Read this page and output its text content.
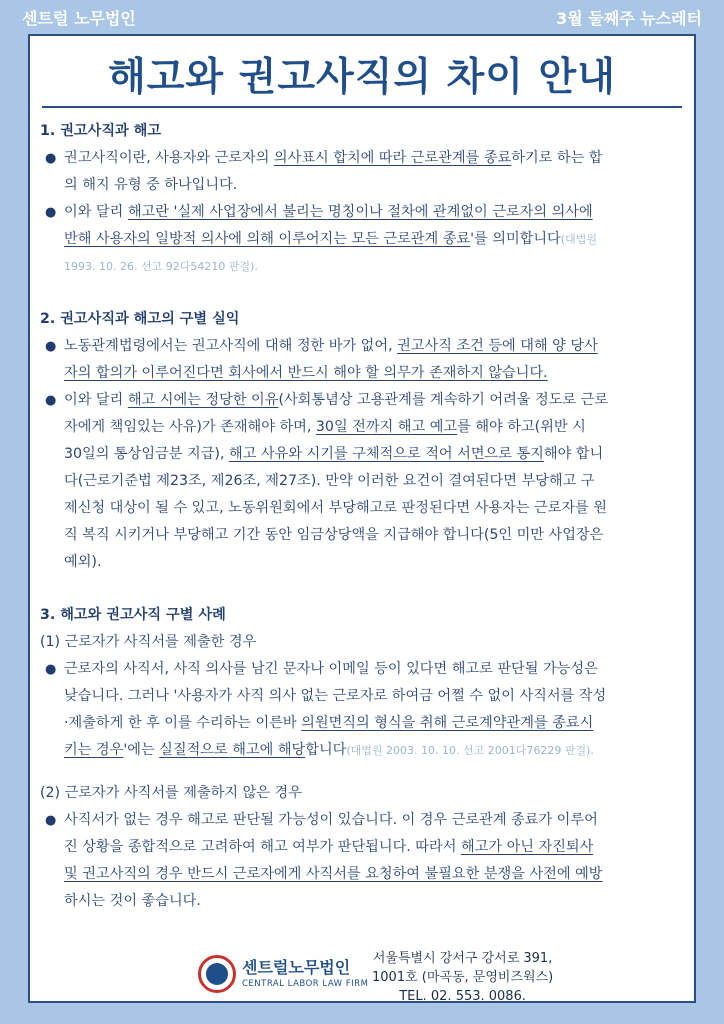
센트럴 노무법인	3월 둘째주 뉴스레터
해고와 권고사직의 차이 안내
1. 권고사직과 해고
● 권고사직이란, 사용자와 근로자의 의사표시 합치에 따라 근로관계를 종료하기로 하는 합
의 해지 유형 중 하나입니다.
● 이와 달리 해고란 '실제 사업장에서 불리는 명칭이나 절차에 관계없이 근로자의 의사에
반해 사용자의 일방적 의사에 의해 이루어지는 모든 근로관계 종료'를 의미합니다(대법원
1993. 10. 26. 선고 92다54210 판결).
2. 권고사직과 해고의 구별 실익
● 노동관계법령에서는 권고사직에 대해 정한 바가 없어, 권고사직 조건 등에 대해 양 당사
자의 합의가 이루어진다면 회사에서 반드시 해야 할 의무가 존재하지 않습니다.
● 이와 달리 해고 시에는 정당한 이유(사회통념상 고용관계를 계속하기 어려울 정도로 근로
자에게 책임있는 사유)가 존재해야 하며, 30일 전까지 해고 예고를 해야 하고(위반 시
30일의 통상임금분 지급), 해고 사유와 시기를 구체적으로 적어 서면으로 통지해야 합니
다(근로기준법 제23조, 제26조, 제27조). 만약 이러한 요건이 결여된다면 부당해고 구
제신청 대상이 될 수 있고, 노동위원회에서 부당해고로 판정된다면 사용자는 근로자를 원
직 복직 시키거나 부당해고 기간 동안 임금상당액을 지급해야 합니다(5인 미만 사업장은
예외).
3. 해고와 권고사직 구별 사례
(1) 근로자가 사직서를 제출한 경우
● 근로자의 사직서, 사직 의사를 남긴 문자나 이메일 등이 있다면 해고로 판단될 가능성은
낮습니다. 그러나 '사용자가 사직 의사 없는 근로자로 하여금 어쩔 수 없이 사직서를 작성
·제출하게 한 후 이를 수리하는 이른바 의원면직의 형식을 취해 근로계약관계를 종료시
키는 경우'에는 실질적으로 해고에 해당합니다(대법원 2003. 10. 10. 선고 2001다76229 판결).
(2) 근로자가 사직서를 제출하지 않은 경우
● 사직서가 없는 경우 해고로 판단될 가능성이 있습니다. 이 경우 근로관계 종료가 이루어
진 상황을 종합적으로 고려하여 해고 여부가 판단됩니다. 따라서 해고가 아닌 자진퇴사
및 권고사직의 경우 반드시 근로자에게 사직서를 요청하여 불필요한 분쟁을 사전에 예방
하시는 것이 좋습니다.
센트럴노무법인
CENTRAL LABOR LAW FIRM
서울특별시 강서구 강서로 391,
1001호 (마곡동, 문영비즈웍스)
TEL. 02. 553. 0086.
